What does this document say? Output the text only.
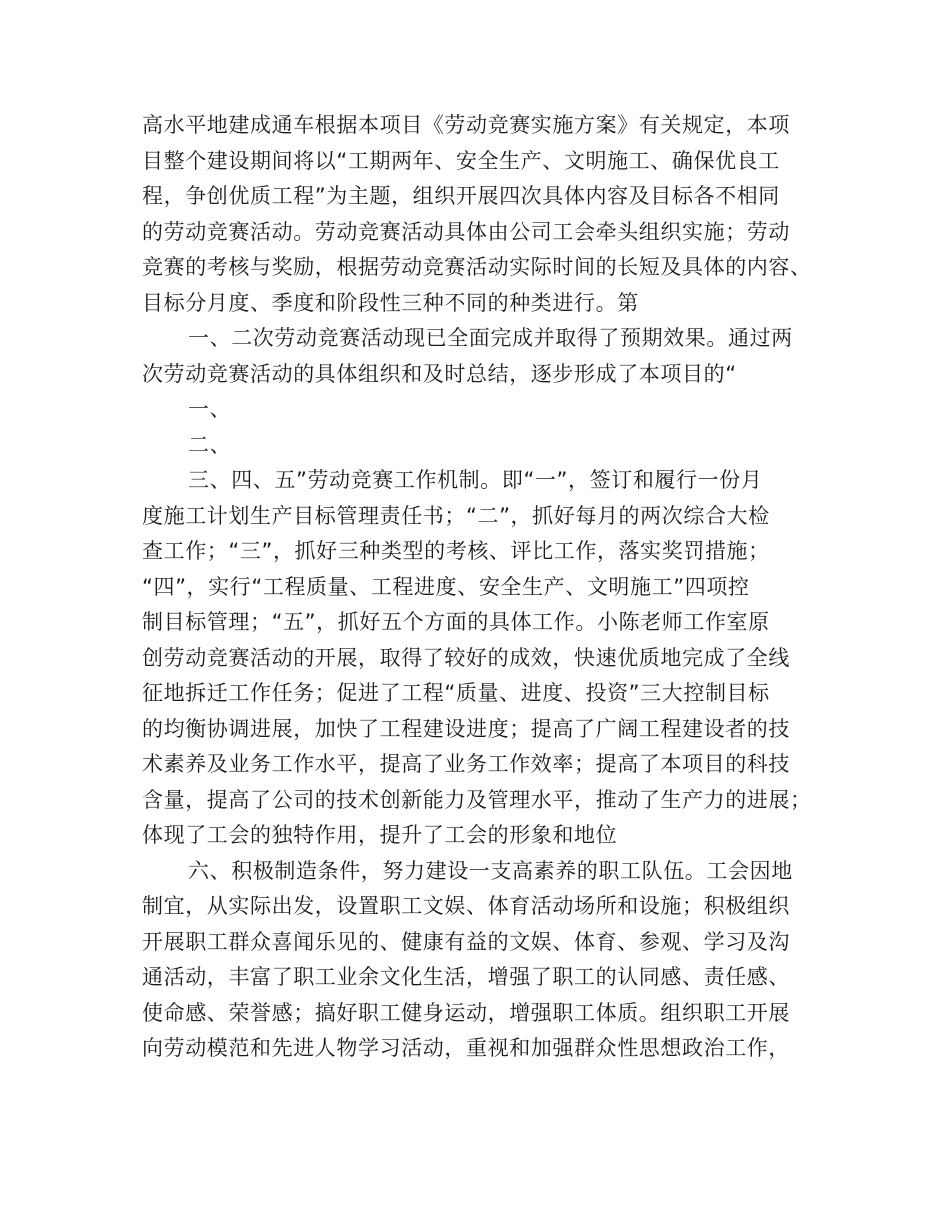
高水平地建成通车根据本项目《劳动竞赛实施方案》有关规定，本项
目整个建设期间将以“工期两年、安全生产、文明施工、确保优良工
程，争创优质工程”为主题，组织开展四次具体内容及目标各不相同
的劳动竞赛活动。劳动竞赛活动具体由公司工会牵头组织实施；劳动
竞赛的考核与奖励，根据劳动竞赛活动实际时间的长短及具体的内容、
目标分月度、季度和阶段性三种不同的种类进行。第
一、二次劳动竞赛活动现已全面完成并取得了预期效果。通过两
次劳动竞赛活动的具体组织和及时总结，逐步形成了本项目的“
一、
二、
三、四、五”劳动竞赛工作机制。即“一”，签订和履行一份月
度施工计划生产目标管理责任书；“二”，抓好每月的两次综合大检
查工作；“三”，抓好三种类型的考核、评比工作，落实奖罚措施；
“四”，实行“工程质量、工程进度、安全生产、文明施工”四项控
制目标管理；“五”，抓好五个方面的具体工作。小陈老师工作室原
创劳动竞赛活动的开展，取得了较好的成效，快速优质地完成了全线
征地拆迁工作任务；促进了工程“质量、进度、投资”三大控制目标
的均衡协调进展，加快了工程建设进度；提高了广阔工程建设者的技
术素养及业务工作水平，提高了业务工作效率；提高了本项目的科技
含量，提高了公司的技术创新能力及管理水平，推动了生产力的进展；
体现了工会的独特作用，提升了工会的形象和地位
六、积极制造条件，努力建设一支高素养的职工队伍。工会因地
制宜，从实际出发，设置职工文娱、体育活动场所和设施；积极组织
开展职工群众喜闻乐见的、健康有益的文娱、体育、参观、学习及沟
通活动，丰富了职工业余文化生活，增强了职工的认同感、责任感、
使命感、荣誉感；搞好职工健身运动，增强职工体质。组织职工开展
向劳动模范和先进人物学习活动，重视和加强群众性思想政治工作，
